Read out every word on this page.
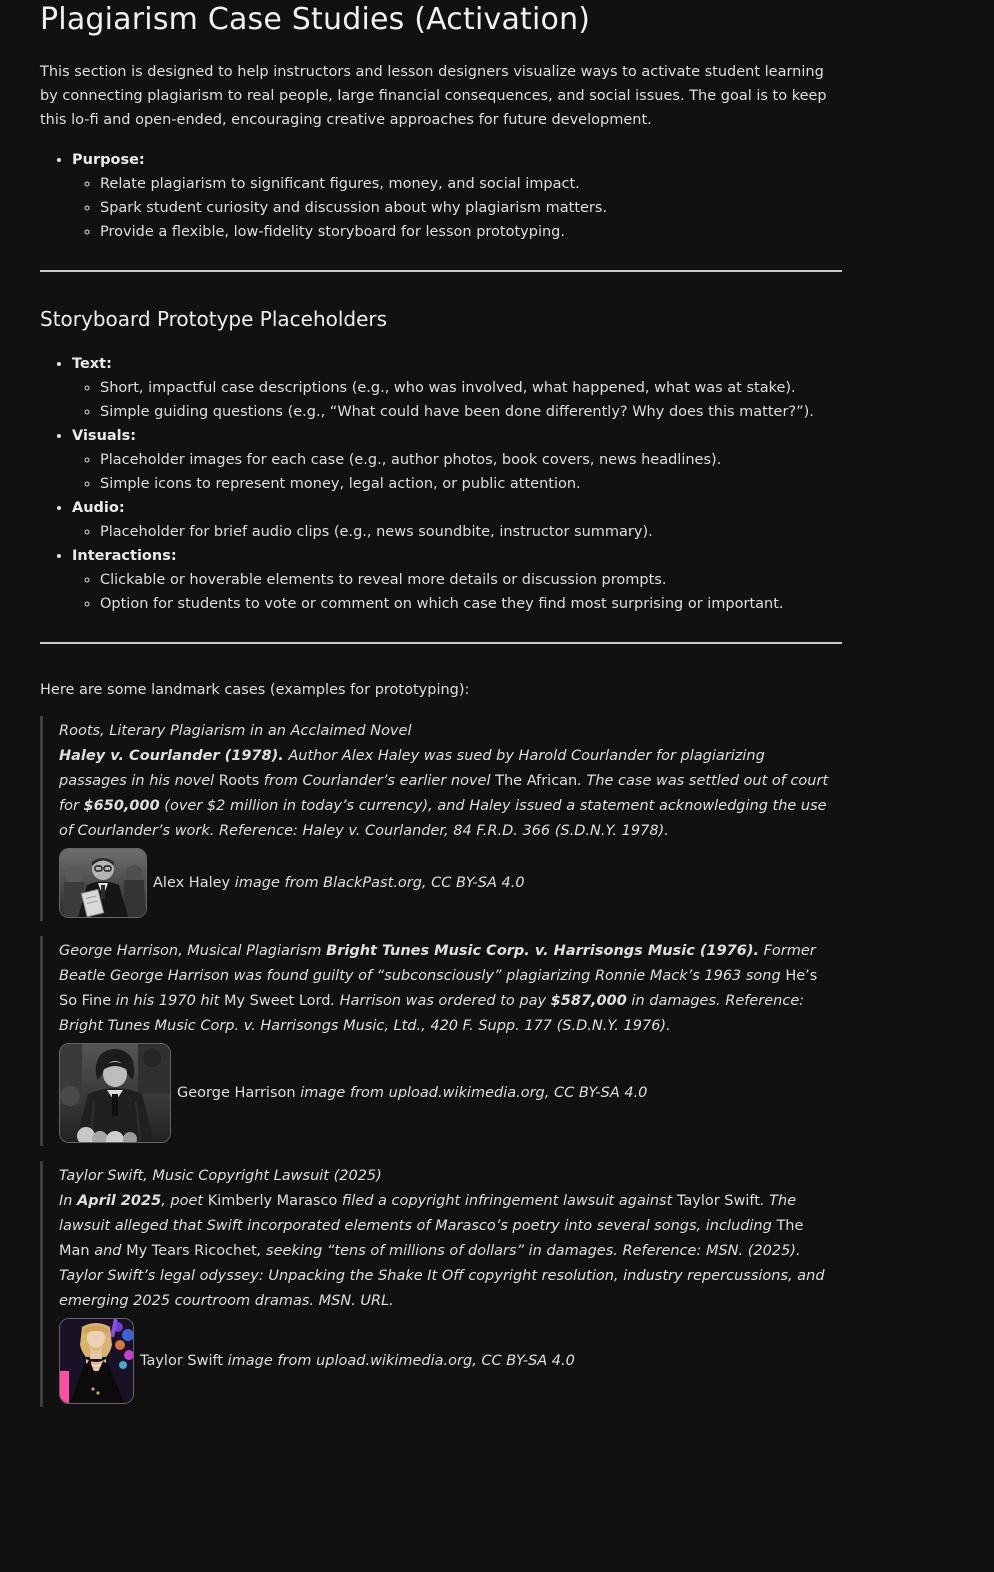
Plagiarism Case Studies (Activation)

This section is designed to help instructors and lesson designers visualize ways to activate student learning by connecting plagiarism to real people, large financial consequences, and social issues. The goal is to keep this lo-fi and open-ended, encouraging creative approaches for future development.

• Purpose:
◦ Relate plagiarism to significant figures, money, and social impact.
◦ Spark student curiosity and discussion about why plagiarism matters.
◦ Provide a flexible, low-fidelity storyboard for lesson prototyping.
Storyboard Prototype Placeholders
• Text:
◦ Short, impactful case descriptions (e.g., who was involved, what happened, what was at stake).
◦ Simple guiding questions (e.g., “What could have been done differently? Why does this matter?”).
• Visuals:
◦ Placeholder images for each case (e.g., author photos, book covers, news headlines).
◦ Simple icons to represent money, legal action, or public attention.
• Audio:
◦ Placeholder for brief audio clips (e.g., news soundbite, instructor summary).
• Interactions:
◦ Clickable or hoverable elements to reveal more details or discussion prompts.
◦ Option for students to vote or comment on which case they find most surprising or important.

Here are some landmark cases (examples for prototyping):

Roots, Literary Plagiarism in an Acclaimed Novel
Haley v. Courlander (1978). Author Alex Haley was sued by Harold Courlander for plagiarizing passages in his novel Roots from Courlander’s earlier novel The African. The case was settled out of court for $650,000 (over $2 million in today’s currency), and Haley issued a statement acknowledging the use of Courlander’s work. Reference: Haley v. Courlander, 84 F.R.D. 366 (S.D.N.Y. 1978).
Alex Haley image from BlackPast.org, CC BY-SA 4.0
George Harrison, Musical Plagiarism Bright Tunes Music Corp. v. Harrisongs Music (1976). Former Beatle George Harrison was found guilty of “subconsciously” plagiarizing Ronnie Mack’s 1963 song He’s So Fine in his 1970 hit My Sweet Lord. Harrison was ordered to pay $587,000 in damages. Reference: Bright Tunes Music Corp. v. Harrisongs Music, Ltd., 420 F. Supp. 177 (S.D.N.Y. 1976).
George Harrison image from upload.wikimedia.org, CC BY-SA 4.0
Taylor Swift, Music Copyright Lawsuit (2025)
In April 2025, poet Kimberly Marasco filed a copyright infringement lawsuit against Taylor Swift. The lawsuit alleged that Swift incorporated elements of Marasco’s poetry into several songs, including The Man and My Tears Ricochet, seeking “tens of millions of dollars” in damages. Reference: MSN. (2025). Taylor Swift’s legal odyssey: Unpacking the Shake It Off copyright resolution, industry repercussions, and emerging 2025 courtroom dramas. MSN. URL.
Taylor Swift image from upload.wikimedia.org, CC BY-SA 4.0
